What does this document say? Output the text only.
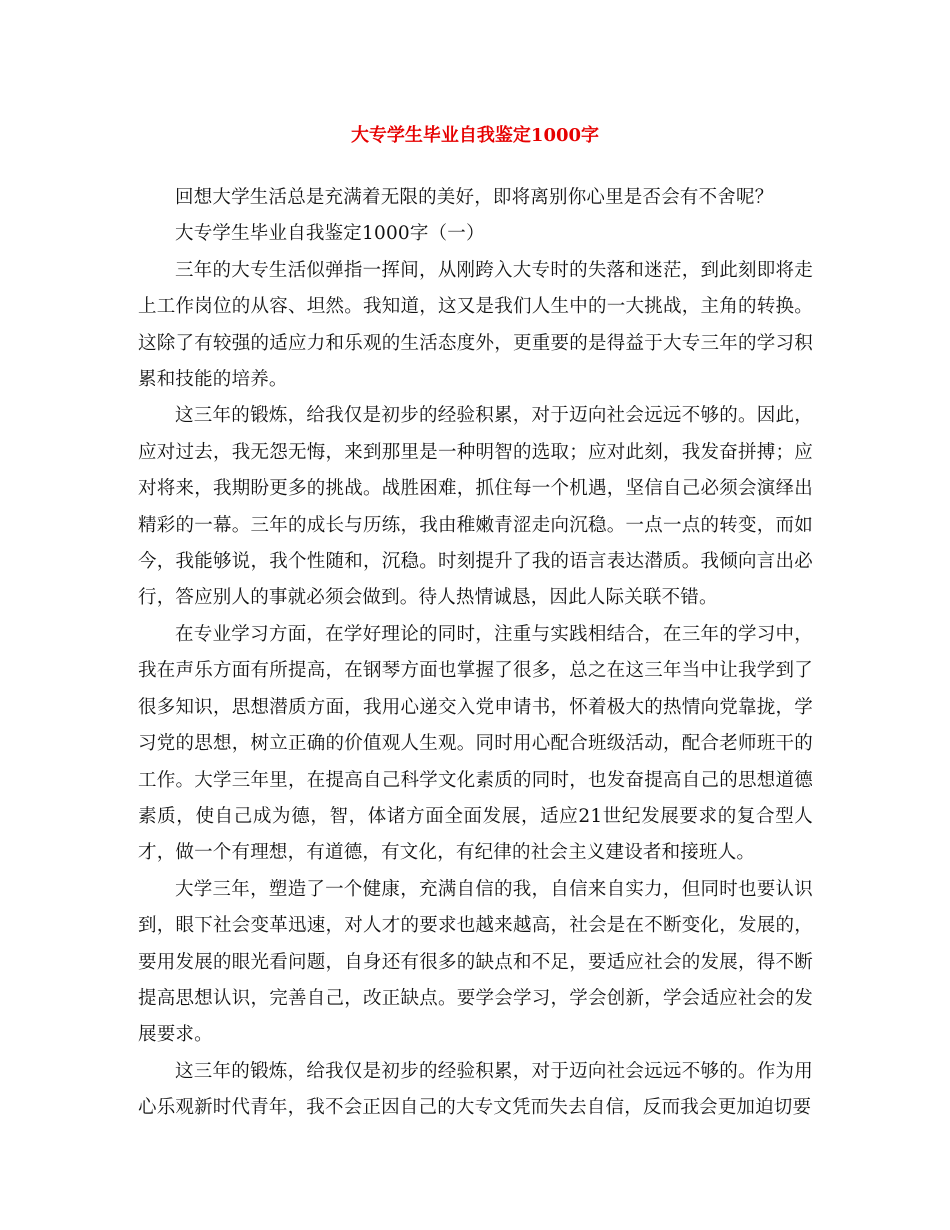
大专学生毕业自我鉴定1000字

回想大学生活总是充满着无限的美好，即将离别你心里是否会有不舍呢？

大专学生毕业自我鉴定1000字（一）

三年的大专生活似弹指一挥间，从刚跨入大专时的失落和迷茫，到此刻即将走上工作岗位的从容、坦然。我知道，这又是我们人生中的一大挑战，主角的转换。这除了有较强的适应力和乐观的生活态度外，更重要的是得益于大专三年的学习积累和技能的培养。

这三年的锻炼，给我仅是初步的经验积累，对于迈向社会远远不够的。因此，应对过去，我无怨无悔，来到那里是一种明智的选取；应对此刻，我发奋拼搏；应对将来，我期盼更多的挑战。战胜困难，抓住每一个机遇，坚信自己必须会演绎出精彩的一幕。三年的成长与历练，我由稚嫩青涩走向沉稳。一点一点的转变，而如今，我能够说，我个性随和，沉稳。时刻提升了我的语言表达潜质。我倾向言出必行，答应别人的事就必须会做到。待人热情诚恳，因此人际关联不错。

在专业学习方面，在学好理论的同时，注重与实践相结合，在三年的学习中，我在声乐方面有所提高，在钢琴方面也掌握了很多，总之在这三年当中让我学到了很多知识，思想潜质方面，我用心递交入党申请书，怀着极大的热情向党靠拢，学习党的思想，树立正确的价值观人生观。同时用心配合班级活动，配合老师班干的工作。大学三年里，在提高自己科学文化素质的同时，也发奋提高自己的思想道德素质，使自己成为德，智，体诸方面全面发展，适应21世纪发展要求的复合型人才，做一个有理想，有道德，有文化，有纪律的社会主义建设者和接班人。

大学三年，塑造了一个健康，充满自信的我，自信来自实力，但同时也要认识到，眼下社会变革迅速，对人才的要求也越来越高，社会是在不断变化，发展的，要用发展的眼光看问题，自身还有很多的缺点和不足，要适应社会的发展，得不断提高思想认识，完善自己，改正缺点。要学会学习，学会创新，学会适应社会的发展要求。

这三年的锻炼，给我仅是初步的经验积累，对于迈向社会远远不够的。作为用心乐观新时代青年，我不会正因自己的大专文凭而失去自信，反而我会更加迫切要
